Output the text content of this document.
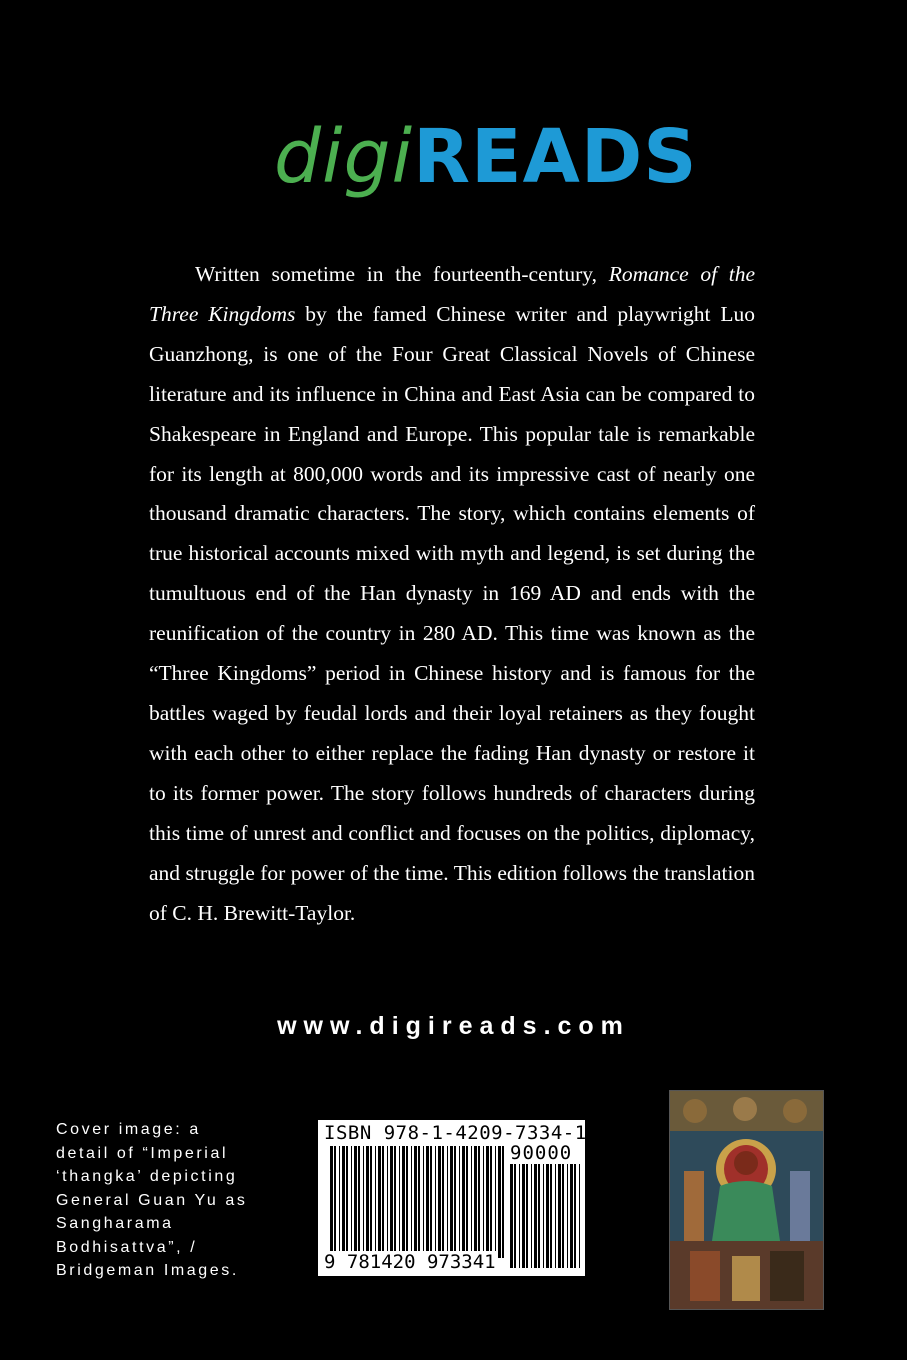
digiREADS

Written sometime in the fourteenth-century, Romance of the Three Kingdoms by the famed Chinese writer and playwright Luo Guanzhong, is one of the Four Great Classical Novels of Chinese literature and its influence in China and East Asia can be compared to Shakespeare in England and Europe. This popular tale is remarkable for its length at 800,000 words and its impressive cast of nearly one thousand dramatic characters. The story, which contains elements of true historical accounts mixed with myth and legend, is set during the tumultuous end of the Han dynasty in 169 AD and ends with the reunification of the country in 280 AD. This time was known as the “Three Kingdoms” period in Chinese history and is famous for the battles waged by feudal lords and their loyal retainers as they fought with each other to either replace the fading Han dynasty or restore it to its former power. The story follows hundreds of characters during this time of unrest and conflict and focuses on the politics, diplomacy, and struggle for power of the time. This edition follows the translation of C. H. Brewitt-Taylor.

www.digireads.com
Cover image: a
detail of “Imperial
‘thangka’ depicting
General Guan Yu as
Sangharama
Bodhisattva”, /
Bridgeman Images.
ISBN 978-1-4209-7334-1
90000
9 781420 973341
